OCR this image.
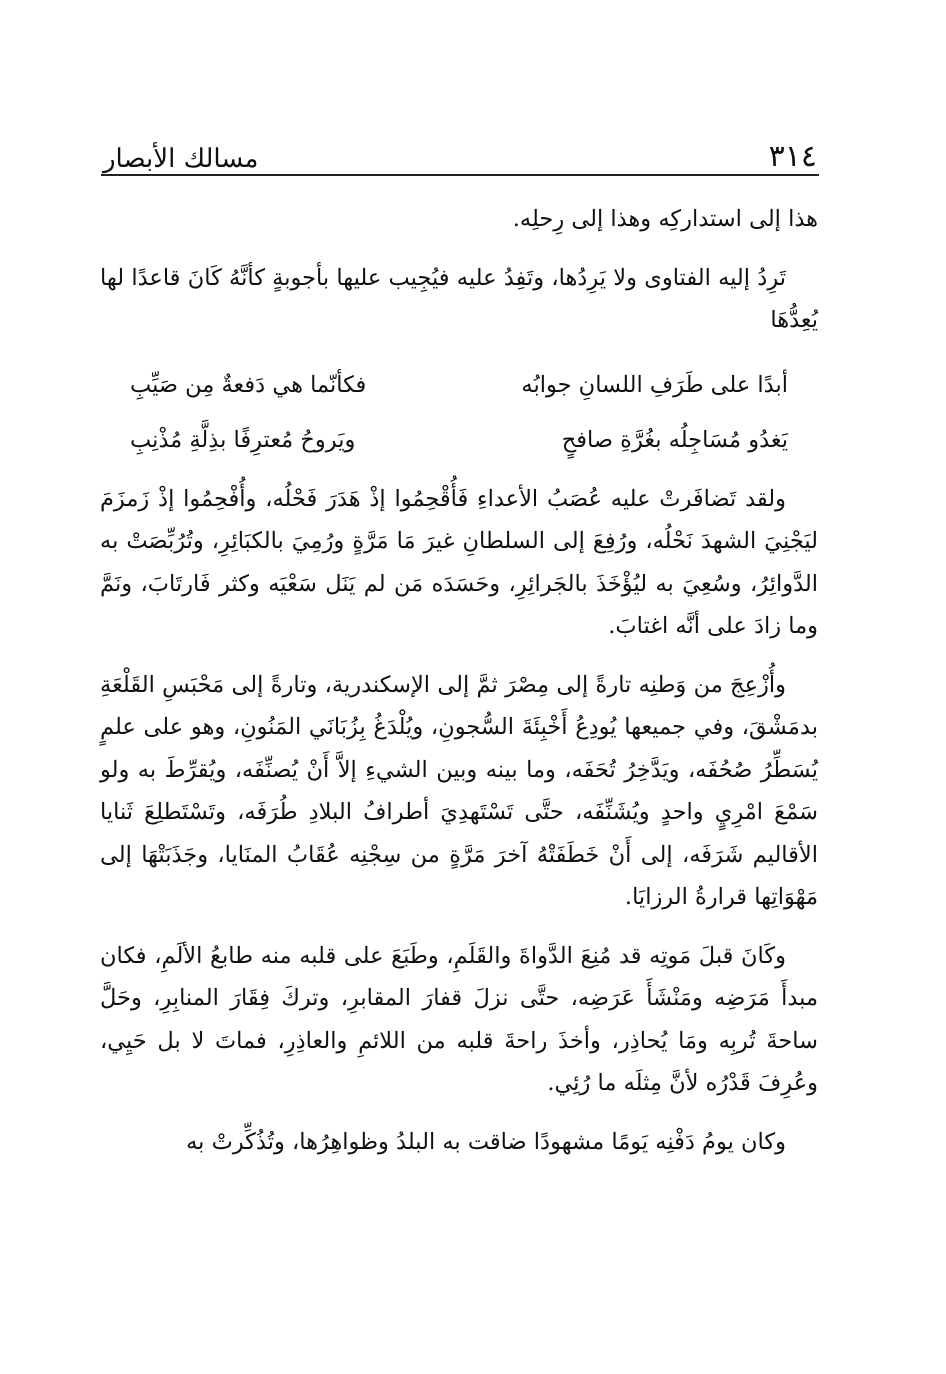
٣١٤
مسالك الأبصار

هذا إلى استداركِه وهذا إلى رِحلِه.

تَرِدُ إليه الفتاوى ولا يَرِدُها، وتَفِدُ عليه فيُجِيب عليها بأجوبةٍ كأنَّهُ كَانَ قاعدًا لها يُعِدُّهَا

أبدًا على طَرَفِ اللسانِ جوابُه
فكأنّما هي دَفعةٌ مِن صَيِّبِ
يَغدُو مُسَاجِلُه بغُرَّةِ صافحٍ
ويَروحُ مُعترِفًا بذِلَّةِ مُذْنِبِ

ولقد تَضافَرتْ عليه عُصَبُ الأعداءِ فَأُقْحِمُوا إذْ هَدَرَ فَحْلُه، وأُفْحِمُوا إذْ زَمزَمَ ليَجْنِيَ الشهدَ نَحْلُه، ورُفِعَ إلى السلطانِ غيرَ مَا مَرَّةٍ ورُمِيَ بالكبَائِرِ، وتُرُبِّصَتْ به الدَّوائِرُ، وسُعِيَ به ليُؤْخَذَ بالجَرائِرِ، وحَسَدَه مَن لم يَنَل سَعْيَه وكثر فَارتَابَ، ونَمَّ وما زادَ على أنَّه اغتابَ.

وأُزْعِجَ من وَطنِه تارةً إلى مِصْرَ ثمَّ إلى الإسكندرية، وتارةً إلى مَحْبَسِ القَلْعَةِ بدمَشْقَ، وفي جميعها يُودِعُ أَخْبِئَةَ السُّجونِ، ويُلْدَغُ بِزُبَانَي المَنُونِ، وهو على علمٍ يُسَطِّرُ صُحُفَه، ويَدَّخِرُ تُحَفَه، وما بينه وبين الشيءِ إلاَّ أَنْ يُصنِّفَه، ويُقرِّطَ به ولو سَمْعَ امْرِيٍ واحدٍ ويُشَنِّفَه، حتَّى تَسْتَهدِيَ أطرافُ البلادِ طُرَفَه، وتَسْتَطلِعَ ثَنايا الأقاليم شَرَفَه، إلى أَنْ خَطَفَتْهُ آخرَ مَرَّةٍ من سِجْنِه عُقَابُ المنَايا، وجَذَبَتْهَا إلى مَهْوَاتِها قرارةُ الرزايَا.

وكَانَ قبلَ مَوتِه قد مُنِعَ الدَّواةَ والقَلَمِ، وطَبَعَ على قلبه منه طابعُ الألَمِ، فكان مبدأَ مَرَضِه ومَنْشَأَ عَرَضِه، حتَّى نزلَ قفارَ المقابرِ، وتركَ فِقَارَ المنابِرِ، وحَلَّ ساحةَ تُربِه ومَا يُحاذِر، وأخذَ راحةَ قلبه من اللائمِ والعاذِرِ، فماتَ لا بل حَيِي، وعُرِفَ قَدْرُه لأنَّ مِثلَه ما رُئِي.

وكان يومُ دَفْنِه يَومًا مشهودًا ضاقت به البلدُ وظواهِرُها، وتُذُكِّرتْ به
